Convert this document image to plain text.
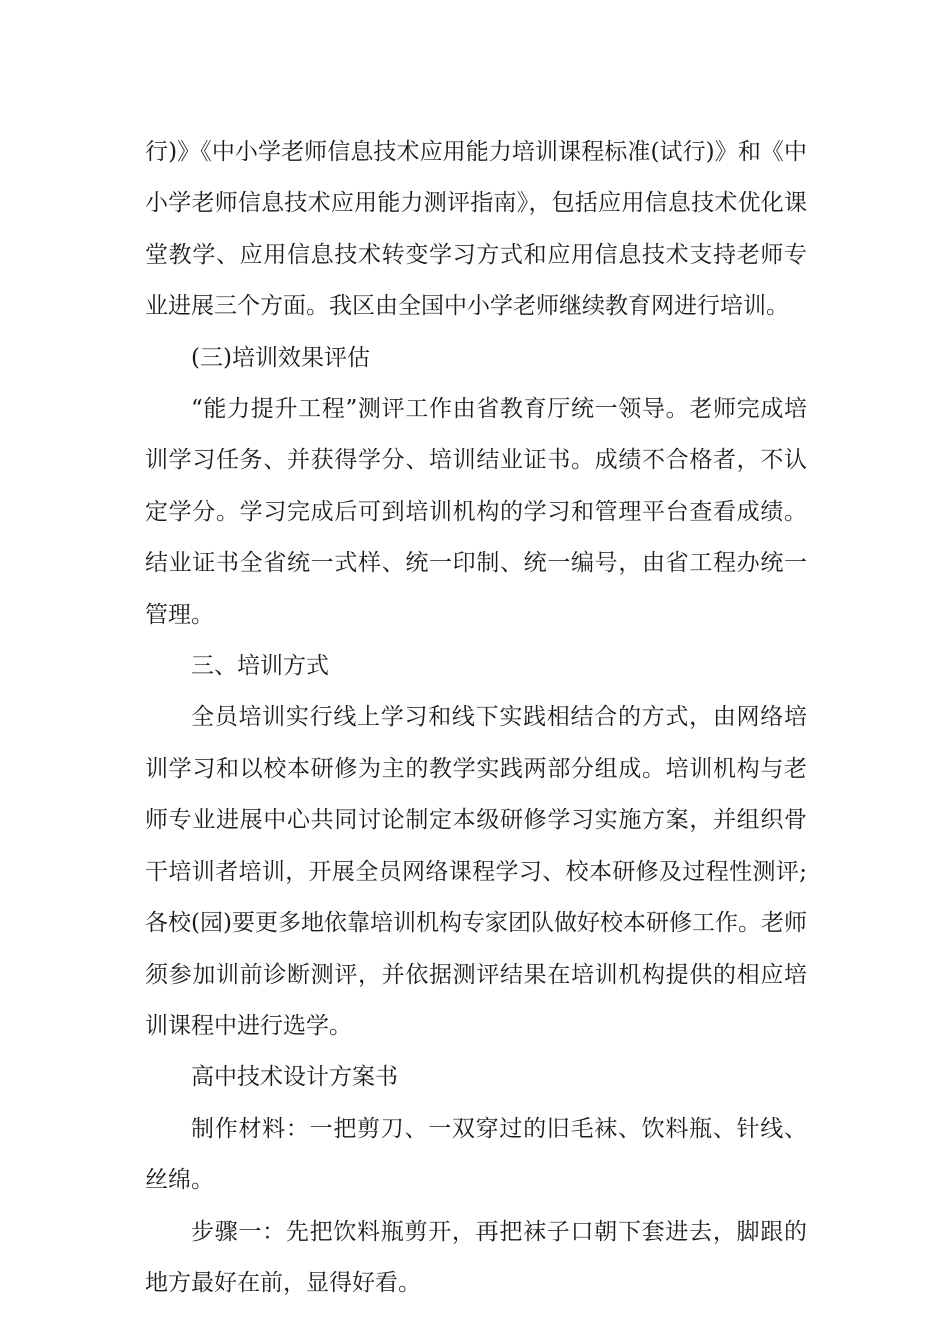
行)》《中小学老师信息技术应用能力培训课程标准(试行)》和《中小学老师信息技术应用能力测评指南》，包括应用信息技术优化课堂教学、应用信息技术转变学习方式和应用信息技术支持老师专业进展三个方面。我区由全国中小学老师继续教育网进行培训。

(三)培训效果评估

“能力提升工程”测评工作由省教育厅统一领导。老师完成培训学习任务、并获得学分、培训结业证书。成绩不合格者，不认定学分。学习完成后可到培训机构的学习和管理平台查看成绩。结业证书全省统一式样、统一印制、统一编号，由省工程办统一管理。

三、培训方式

全员培训实行线上学习和线下实践相结合的方式，由网络培训学习和以校本研修为主的教学实践两部分组成。培训机构与老师专业进展中心共同讨论制定本级研修学习实施方案，并组织骨干培训者培训，开展全员网络课程学习、校本研修及过程性测评;各校(园)要更多地依靠培训机构专家团队做好校本研修工作。老师须参加训前诊断测评，并依据测评结果在培训机构提供的相应培训课程中进行选学。

高中技术设计方案书

制作材料：一把剪刀、一双穿过的旧毛袜、饮料瓶、针线、丝绵。

步骤一：先把饮料瓶剪开，再把袜子口朝下套进去，脚跟的地方最好在前，显得好看。
